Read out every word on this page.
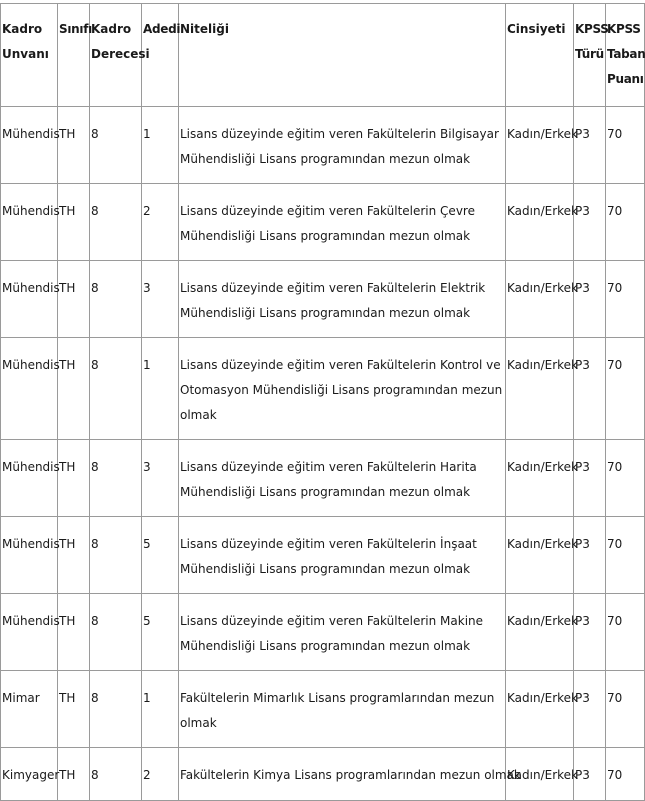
Kadro Unvanı	Sınıfı	Kadro Derecesi	Adedi	Niteliği	Cinsiyeti	KPSS Türü	KPSS Taban Puanı
Mühendis	TH	8	1	Lisans düzeyinde eğitim veren Fakültelerin Bilgisayar Mühendisliği Lisans programından mezun olmak	Kadın/Erkek	P3	70
Mühendis	TH	8	2	Lisans düzeyinde eğitim veren Fakültelerin Çevre Mühendisliği Lisans programından mezun olmak	Kadın/Erkek	P3	70
Mühendis	TH	8	3	Lisans düzeyinde eğitim veren Fakültelerin Elektrik Mühendisliği Lisans programından mezun olmak	Kadın/Erkek	P3	70
Mühendis	TH	8	1	Lisans düzeyinde eğitim veren Fakültelerin Kontrol ve Otomasyon Mühendisliği Lisans programından mezun olmak	Kadın/Erkek	P3	70
Mühendis	TH	8	3	Lisans düzeyinde eğitim veren Fakültelerin Harita Mühendisliği Lisans programından mezun olmak	Kadın/Erkek	P3	70
Mühendis	TH	8	5	Lisans düzeyinde eğitim veren Fakültelerin İnşaat Mühendisliği Lisans programından mezun olmak	Kadın/Erkek	P3	70
Mühendis	TH	8	5	Lisans düzeyinde eğitim veren Fakültelerin Makine Mühendisliği Lisans programından mezun olmak	Kadın/Erkek	P3	70
Mimar	TH	8	1	Fakültelerin Mimarlık Lisans programlarından mezun olmak	Kadın/Erkek	P3	70
Kimyager	TH	8	2	Fakültelerin Kimya Lisans programlarından mezun olmak	Kadın/Erkek	P3	70
